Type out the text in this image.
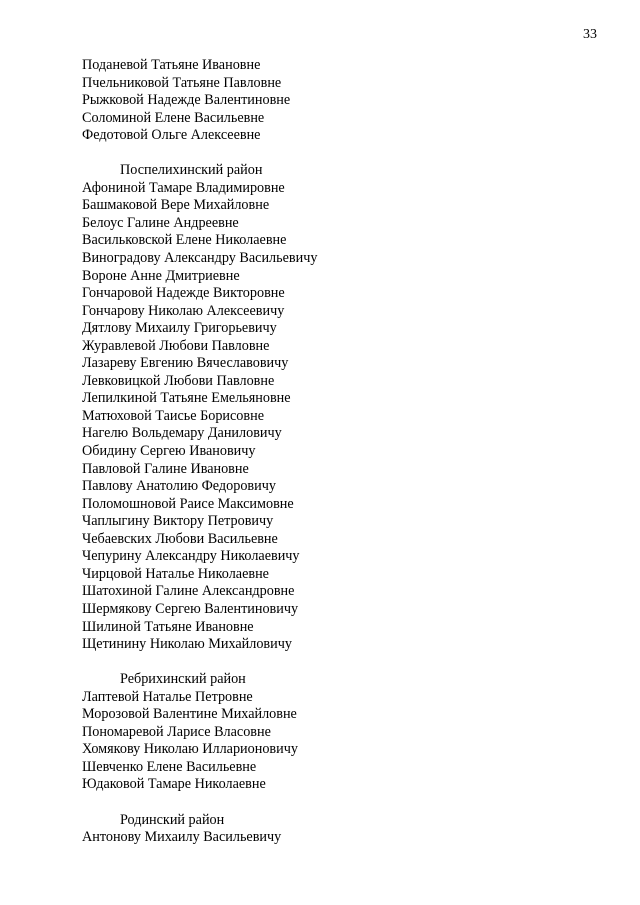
33
Поданевой Татьяне Ивановне
Пчельниковой Татьяне Павловне
Рыжковой Надежде Валентиновне
Соломиной Елене Васильевне
Федотовой Ольге Алексеевне
Поспелихинский район
Афониной Тамаре Владимировне
Башмаковой Вере Михайловне
Белоус Галине Андреевне
Васильковской Елене Николаевне
Виноградову Александру Васильевичу
Вороне Анне Дмитриевне
Гончаровой Надежде Викторовне
Гончарову Николаю Алексеевичу
Дятлову Михаилу Григорьевичу
Журавлевой Любови Павловне
Лазареву Евгению Вячеславовичу
Левковицкой Любови Павловне
Лепилкиной Татьяне Емельяновне
Матюховой Таисье Борисовне
Нагелю Вольдемару Даниловичу
Обидину Сергею Ивановичу
Павловой Галине Ивановне
Павлову Анатолию Федоровичу
Поломошновой Раисе Максимовне
Чаплыгину Виктору Петровичу
Чебаевских Любови Васильевне
Чепурину Александру Николаевичу
Чирцовой Наталье Николаевне
Шатохиной Галине Александровне
Шермякову Сергею Валентиновичу
Шилиной Татьяне Ивановне
Щетинину Николаю Михайловичу
Ребрихинский район
Лаптевой Наталье Петровне
Морозовой Валентине Михайловне
Пономаревой Ларисе Власовне
Хомякову Николаю Илларионовичу
Шевченко Елене Васильевне
Юдаковой Тамаре Николаевне
Родинский район
Антонову Михаилу Васильевичу
